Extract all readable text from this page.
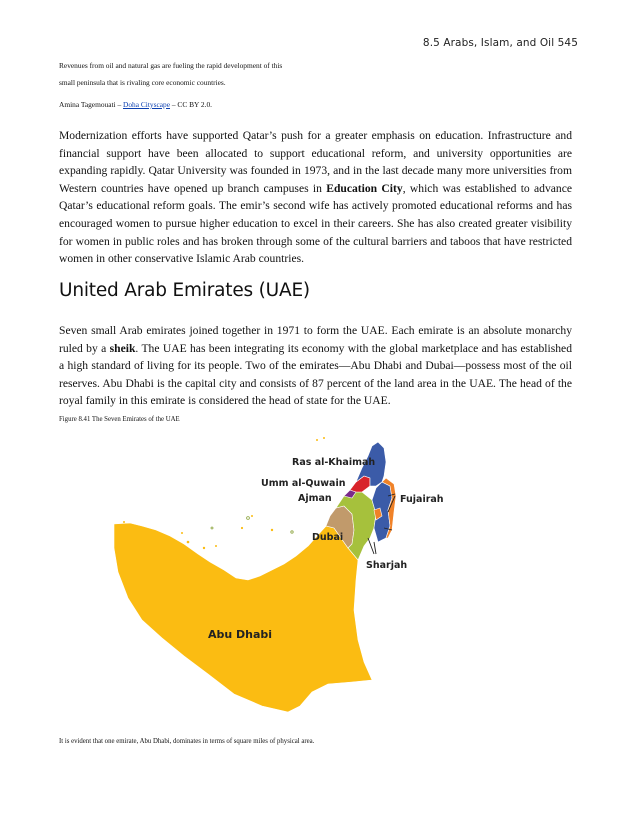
8.5 Arabs, Islam, and Oil 545
Revenues from oil and natural gas are fueling the rapid development of this
small peninsula that is rivaling core economic countries.
Amina Tagemouati – Doha Cityscape – CC BY 2.0.
Modernization efforts have supported Qatar’s push for a greater emphasis on education. Infrastructure and financial support have been allocated to support educational reform, and university opportunities are expanding rapidly. Qatar University was founded in 1973, and in the last decade many more universities from Western countries have opened up branch campuses in Education City, which was established to advance Qatar’s educational reform goals. The emir’s second wife has actively promoted educational reforms and has encouraged women to pursue higher education to excel in their careers. She has also created greater visibility for women in public roles and has broken through some of the cultural barriers and taboos that have restricted women in other conservative Islamic Arab countries.
United Arab Emirates (UAE)
Seven small Arab emirates joined together in 1971 to form the UAE. Each emirate is an absolute monarchy ruled by a sheik. The UAE has been integrating its economy with the global marketplace and has established a high standard of living for its people. Two of the emirates—Abu Dhabi and Dubai—possess most of the oil reserves. Abu Dhabi is the capital city and consists of 87 percent of the land area in the UAE. The head of the royal family in this emirate is considered the head of state for the UAE.
Figure 8.41 The Seven Emirates of the UAE
Ras al-Khaimah
Umm al-Quwain
Ajman	Fujairah
Dubai
Sharjah
Abu Dhabi
It is evident that one emirate, Abu Dhabi, dominates in terms of square miles of physical area.
